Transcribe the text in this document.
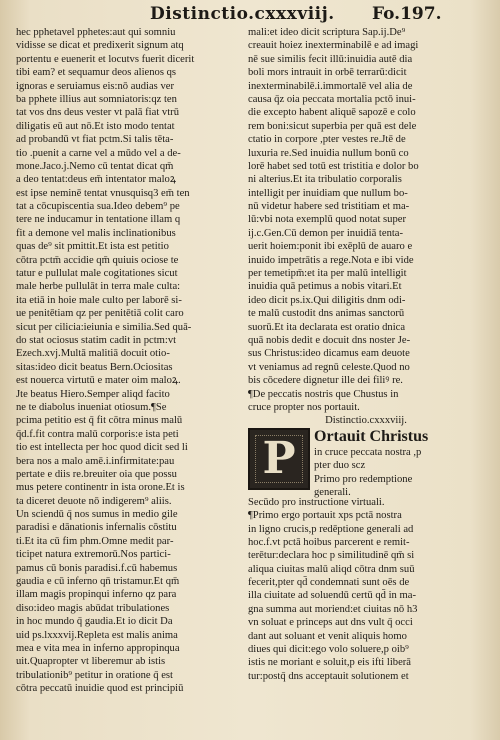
Distinctio.cxxxviij. Fo.197.
hec pphetavel pphetes:aut qui somniu
vidisse se dicat et predixerit signum atq
portentu e euenerit et locutvs fuerit dicerit
tibi eam? et sequamur deos alienos qs
ignoras e seruiamus eis:nō audias ver
ba pphete illius aut somniatoris:qz ten
tat vos dns deus vester vt palā fiat vtrū
diligatis eū aut nō.Et isto modo tentat
ad probandū vt fiat pctm.Si talis tēta-
tio .puenit a carne vel a mūdo vel a de-
mone.Jaco.j.Nemo cū tentat dicat qm̄
a deo tentat:deus em̄ intentator maloꝝ
est ipse neminē tentat vnusquisq3 em̄ ten
tat a cōcupiscentia sua.Ideo debem⁹ pe
tere ne inducamur in tentatione illam q
fit a demone vel malis inclinationibus
quas de⁹ sit pmittit.Et ista est petitio
cōtra pctm̄ accidie qm̄ quiuis ociose te
tatur e pullulat male cogitationes sicut
male herbe pullulāt in terra male culta:
ita etiā in hoie male culto per laborē si-
ue penitētiam qz per penitētiā colit caro
sicut per cilicia:ieiunia e similia.Sed quā-
do stat ociosus statim cadit in pctm:vt
Ezech.xvj.Multā malitiā docuit otio-
sitas:ideo dicit beatus Bern.Ociositas
est nouerca virtutū e mater oim maloꝝ.
Jte beatus Hiero.Semper aliqd facito
ne te diabolus inueniat otiosum.¶Se
pcima petitio est q̄ fit cōtra minus malū
q̄d.f.fit contra malū corporis:e ista peti
tio est intellecta per hoc quod dicit sed li
bera nos a malo amē.i.infirmitate:pau
pertate e diis re.breuiter oia que possu
mus petere continentr in ista orone.Et is
ta diceret deuote nō indigerem⁹ aliis.
Un sciendū q̄ nos sumus in medio gile
paradisi e dānationis infernalis cōstitu
ti.Et ita cū fim phm.Omne medit par-
ticipet natura extremorū.Nos partici-
pamus cū bonis paradisi.f.cū habemus
gaudia e cū inferno qn̄ tristamur.Et qm̄
illam magis propinqui inferno qz para
diso:ideo magis abūdat tribulationes
in hoc mundo q̄ gaudia.Et io dicit Da
uid ps.lxxxvij.Repleta est malis anima
mea e vita mea in inferno appropinqua
uit.Quapropter vt liberemur ab istis
tribulationib⁹ petitur in oratione q̄ est
cōtra peccatū inuidie quod est principiū
mali:et ideo dicit scriptura Sap.ij.De⁹
creauit hoiez inexterminabilē e ad imagi
nē sue similis fecit illū:inuidia autē dia
boli mors intrauit in orbē terrarū:dicit
inexterminabilē.i.immortalē vel alia de
causa q̄z oia peccata mortalia pctō inui-
die excepto habent aliquē sapozē e colo
rem boni:sicut superbia per quā est dele
ctatio in corpore ,pter vestes re.Jtē de
luxuria re.Sed inuidia nullum bonū co
lorē habet sed totū est tristitia e dolor bo
ni alterius.Et ita tribulatio corporalis
intelligit per inuidiam que nullum bo-
nū videtur habere sed tristitiam et ma-
lū:vbi nota exemplū quod notat super
ij.c.Gen.Cū demon per inuidiā tenta-
uerit hoiem:ponit ibi exēplū de auaro e
inuido impetrātis a rege.Nota e ibi vide
per temetipm̄:et ita per malū intelligit
inuidia quā petimus a nobis vitari.Et
ideo dicit ps.ix.Qui diligitis dnm odi-
te malū custodit dns animas sanctorū
suorū.Et ita declarata est oratio dnica
quā nobis dedit e docuit dns noster Je-
sus Christus:ideo dicamus eam deuote
vt veniamus ad regnū celeste.Quod no
bis cōcedere dignetur ille dei filiꝰ re.
¶De peccatis nostris que Chustus in
cruce propter nos portauit.
Distinctio.cxxxviij.
P	Ortauit Christus
in cruce peccata nostra ,p
pter duo scz
Primo pro redemptione
generali.
Secūdo pro instructione virtuali.
¶Primo ergo portauit xps pctā nostra
in ligno crucis,p redēptione generali ad
hoc.f.vt pctā hoibus parcerent e remit-
terētur:declara hoc p similitudinē qm̄ si
aliqua ciuitas malū aliqd cōtra dnm suū
fecerit,pter qd̄ condemnati sunt oēs de
illa ciuitate ad soluendū certū qd̄ in ma-
gna summa aut moriend:et ciuitas nō h3
vn soluat e princeps aut dns vult q̄ occi
dant aut soluant et venit aliquis homo
diues qui dicit:ego volo soluere,p oib⁹
istis ne moriant e soluit,p eis ifti liberā
tur:postq̄ dns acceptauit solutionem et
